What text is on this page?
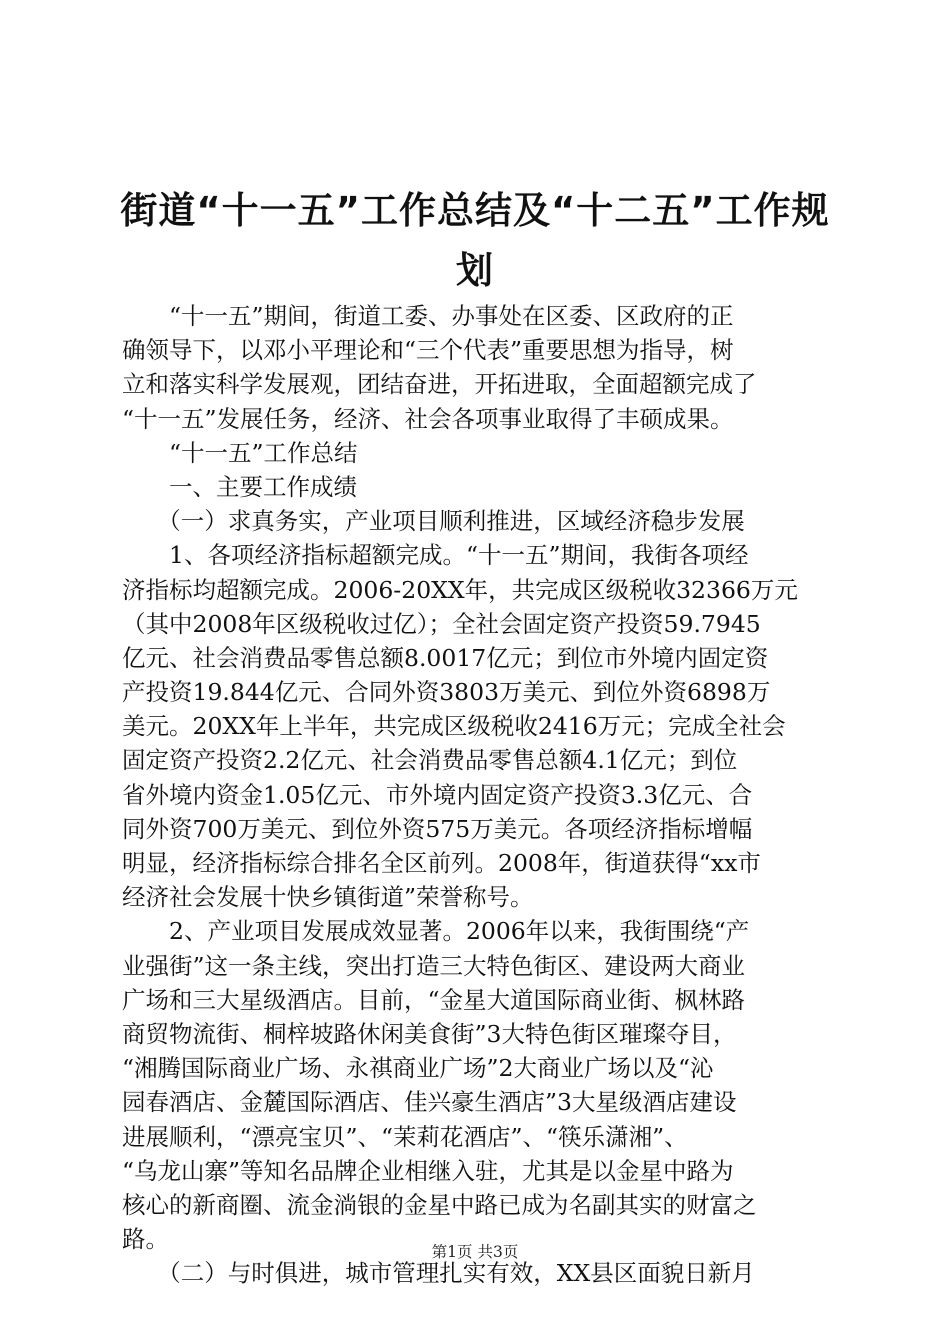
街道“十一五”工作总结及“十二五”工作规
划
　　“十一五”期间，街道工委、办事处在区委、区政府的正
确领导下，以邓小平理论和“三个代表”重要思想为指导，树
立和落实科学发展观，团结奋进，开拓进取，全面超额完成了
“十一五”发展任务，经济、社会各项事业取得了丰硕成果。
　　“十一五”工作总结
　　一、主要工作成绩
　　（一）求真务实，产业项目顺利推进，区域经济稳步发展
　　1、各项经济指标超额完成。“十一五”期间，我街各项经
济指标均超额完成。2006-20XX年，共完成区级税收32366万元
（其中2008年区级税收过亿）；全社会固定资产投资59.7945
亿元、社会消费品零售总额8.0017亿元；到位市外境内固定资
产投资19.844亿元、合同外资3803万美元、到位外资6898万
美元。20XX年上半年，共完成区级税收2416万元；完成全社会
固定资产投资2.2亿元、社会消费品零售总额4.1亿元；到位
省外境内资金1.05亿元、市外境内固定资产投资3.3亿元、合
同外资700万美元、到位外资575万美元。各项经济指标增幅
明显，经济指标综合排名全区前列。2008年，街道获得“xx市
经济社会发展十快乡镇街道”荣誉称号。
　　2、产业项目发展成效显著。2006年以来，我街围绕“产
业强街”这一条主线，突出打造三大特色街区、建设两大商业
广场和三大星级酒店。目前，“金星大道国际商业街、枫林路
商贸物流街、桐梓坡路休闲美食街”3大特色街区璀璨夺目，
“湘腾国际商业广场、永祺商业广场”2大商业广场以及“沁
园春酒店、金麓国际酒店、佳兴豪生酒店”3大星级酒店建设
进展顺利，“漂亮宝贝”、“茉莉花酒店”、“筷乐潇湘”、
“乌龙山寨”等知名品牌企业相继入驻，尤其是以金星中路为
核心的新商圈、流金淌银的金星中路已成为名副其实的财富之
路。
　　（二）与时俱进，城市管理扎实有效，XX县区面貌日新月
第1页 共3页
